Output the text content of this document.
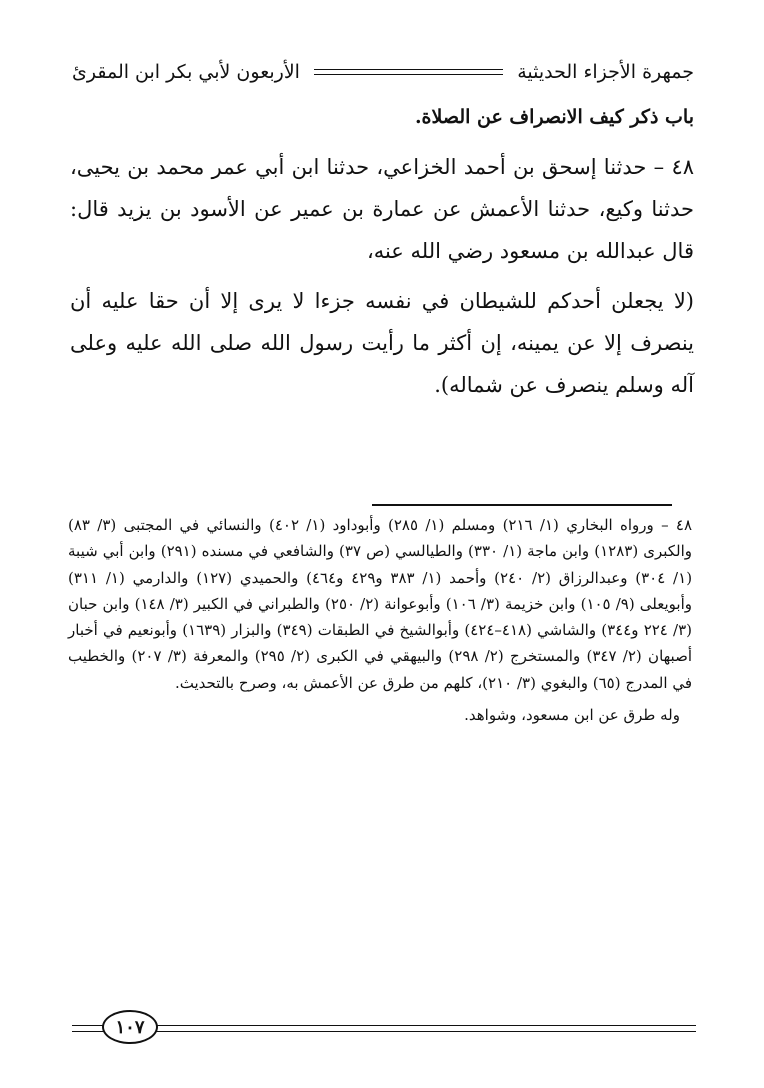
جمهرة الأجزاء الحديثية
الأربعون لأبي بكر ابن المقرئ
باب ذكر كيف الانصراف عن الصلاة.

٤٨ – حدثنا إسحق بن أحمد الخزاعي، حدثنا ابن أبي عمر محمد بن يحيى، حدثنا وكيع، حدثنا الأعمش عن عمارة بن عمير عن الأسود بن يزيد قال: قال عبدالله بن مسعود رضي الله عنه،

(لا يجعلن أحدكم للشيطان في نفسه جزءا لا يرى إلا أن حقا عليه أن ينصرف إلا عن يمينه، إن أكثر ما رأيت رسول الله صلى الله عليه وعلى آله وسلم ينصرف عن شماله).

٤٨ – ورواه البخاري (١/ ٢١٦) ومسلم (١/ ٢٨٥) وأبوداود (١/ ٤٠٢) والنسائي في المجتبى (٣/ ٨٣) والكبرى (١٢٨٣) وابن ماجة (١/ ٣٣٠) والطيالسي (ص ٣٧) والشافعي في مسنده (٢٩١) وابن أبي شيبة (١/ ٣٠٤) وعبدالرزاق (٢/ ٢٤٠) وأحمد (١/ ٣٨٣ و٤٢٩ و٤٦٤) والحميدي (١٢٧) والدارمي (١/ ٣١١) وأبويعلى (٩/ ١٠٥) وابن خزيمة (٣/ ١٠٦) وأبوعوانة (٢/ ٢٥٠) والطبراني في الكبير (٣/ ١٤٨) وابن حبان (٣/ ٢٢٤ و٣٤٤) والشاشي (٤١٨–٤٢٤) وأبوالشيخ في الطبقات (٣٤٩) والبزار (١٦٣٩) وأبونعيم في أخبار أصبهان (٢/ ٣٤٧) والمستخرج (٢/ ٢٩٨) والبيهقي في الكبرى (٢/ ٢٩٥) والمعرفة (٣/ ٢٠٧) والخطيب في المدرج (٦٥) والبغوي (٣/ ٢١٠)، كلهم من طرق عن الأعمش به، وصرح بالتحديث.

وله طرق عن ابن مسعود، وشواهد.

١٠٧
